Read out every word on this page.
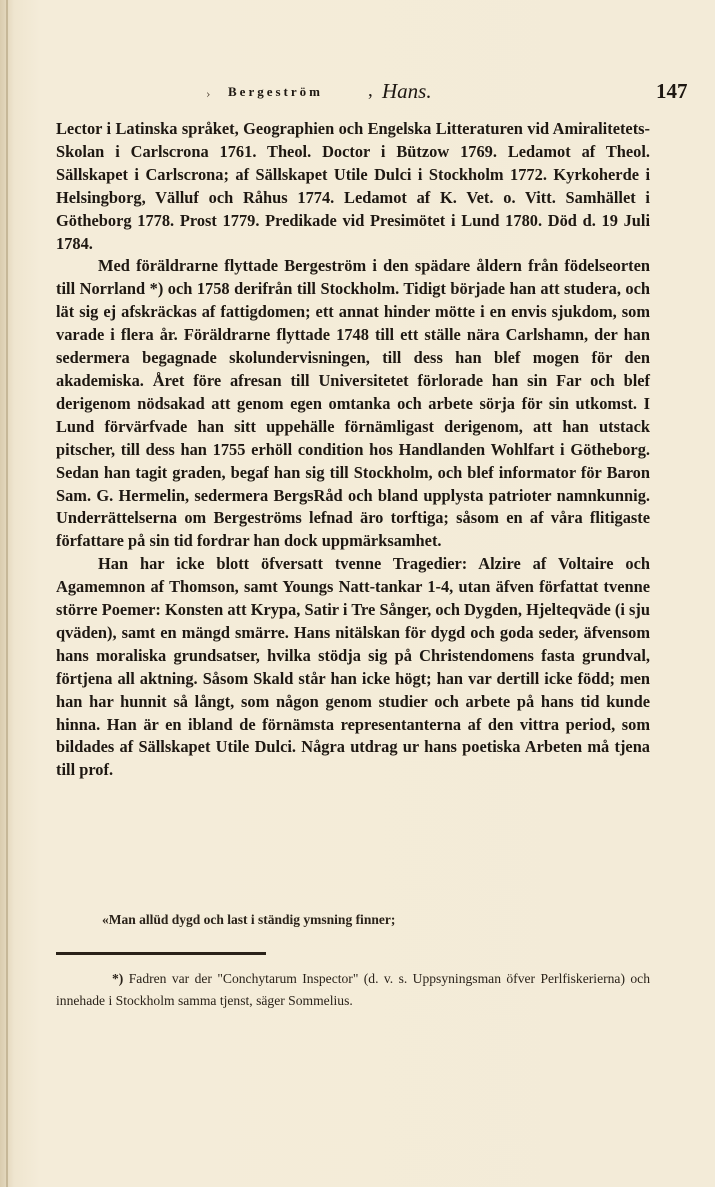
› Bergeström , Hans.	147

Lector i Latinska språket, Geographien och Engelska Litteraturen vid Amiralitetets-Skolan i Carlscrona 1761. Theol. Doctor i Bützow 1769. Ledamot af Theol. Sällskapet i Carlscrona; af Sällskapet Utile Dulci i Stockholm 1772. Kyrkoherde i Helsingborg, Välluf och Råhus 1774. Ledamot af K. Vet. o. Vitt. Samhället i Götheborg 1778. Prost 1779. Predikade vid Presimötet i Lund 1780. Död d. 19 Juli 1784.

Med föräldrarne flyttade Bergeström i den spädare åldern från födelseorten till Norrland *) och 1758 derifrån till Stockholm. Tidigt började han att studera, och lät sig ej afskräckas af fattigdomen; ett annat hinder mötte i en envis sjukdom, som varade i flera år. Föräldrarne flyttade 1748 till ett ställe nära Carlshamn, der han sedermera begagnade skolundervisningen, till dess han blef mogen för den akademiska. Året före afresan till Universitetet förlorade han sin Far och blef derigenom nödsakad att genom egen omtanka och arbete sörja för sin utkomst. I Lund förvärfvade han sitt uppehälle förnämligast derigenom, att han utstack pitscher, till dess han 1755 erhöll condition hos Handlanden Wohlfart i Götheborg. Sedan han tagit graden, begaf han sig till Stockholm, och blef informator för Baron Sam. G. Hermelin, sedermera BergsRåd och bland upplysta patrioter namnkunnig. Underrättelserna om Bergeströms lefnad äro torftiga; såsom en af våra flitigaste författare på sin tid fordrar han dock uppmärksamhet.

Han har icke blott öfversatt tvenne Tragedier: Alzire af Voltaire och Agamemnon af Thomson, samt Youngs Natt-tankar 1-4, utan äfven författat tvenne större Poemer: Konsten att Krypa, Satir i Tre Sånger, och Dygden, Hjelteqväde (i sju qväden), samt en mängd smärre. Hans nitälskan för dygd och goda seder, äfvensom hans moraliska grundsatser, hvilka stödja sig på Christendomens fasta grundval, förtjena all aktning. Såsom Skald står han icke högt; han var dertill icke född; men han har hunnit så långt, som någon genom studier och arbete på hans tid kunde hinna. Han är en ibland de förnämsta representanterna af den vittra period, som bildades af Sällskapet Utile Dulci. Några utdrag ur hans poetiska Arbeten må tjena till prof.

«Man allüd dygd och last i ständig ymsning finner;
*) Fadren var der "Conchytarum Inspector" (d. v. s. Uppsyningsman öfver Perlfiskerierna) och innehade i Stockholm samma tjenst, säger Sommelius.
